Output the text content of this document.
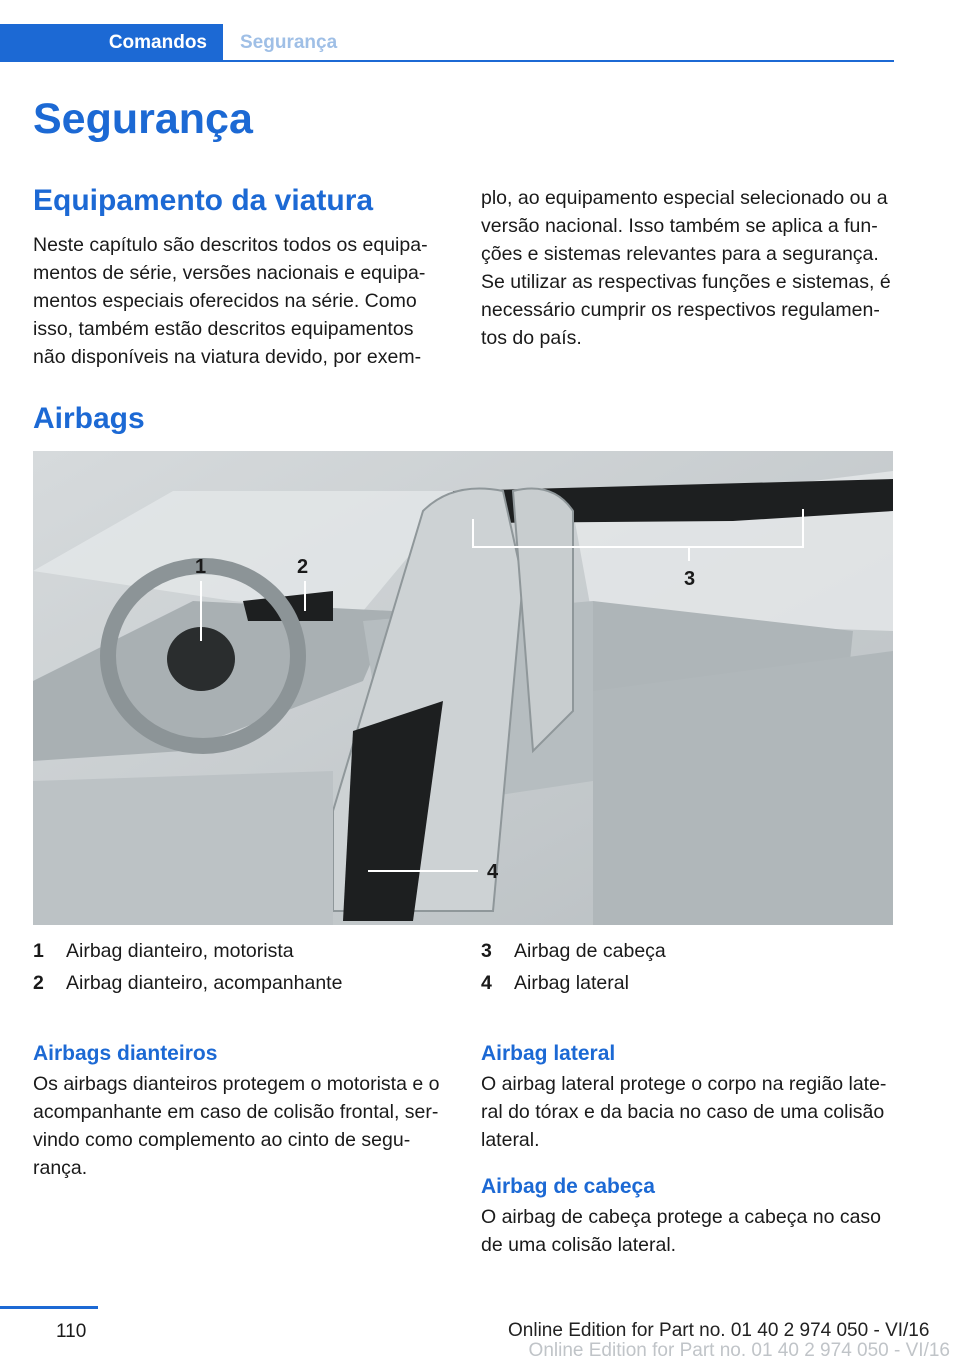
Comandos Segurança
Segurança
Equipamento da viatura

Neste capítulo são descritos todos os equipa‐
mentos de série, versões nacionais e equipa‐
mentos especiais oferecidos na série. Como
isso, também estão descritos equipamentos
não disponíveis na viatura devido, por exem‐

plo, ao equipamento especial selecionado ou a
versão nacional. Isso também se aplica a fun‐
ções e sistemas relevantes para a segurança.
Se utilizar as respectivas funções e sistemas, é
necessário cumprir os respectivos regulamen‐
tos do país.

Airbags
1	2
3
4
1 Airbag dianteiro, motorista
2 Airbag dianteiro, acompanhante
3 Airbag de cabeça
4 Airbag lateral
Airbags dianteiros

Os airbags dianteiros protegem o motorista e o
acompanhante em caso de colisão frontal, ser‐
vindo como complemento ao cinto de segu‐
rança.

Airbag lateral

O airbag lateral protege o corpo na região late‐
ral do tórax e da bacia no caso de uma colisão
lateral.

Airbag de cabeça

O airbag de cabeça protege a cabeça no caso
de uma colisão lateral.

110	Online Edition for Part no. 01 40 2 974 050 - VI/16
Online Edition for Part no. 01 40 2 974 050 - VI/16
